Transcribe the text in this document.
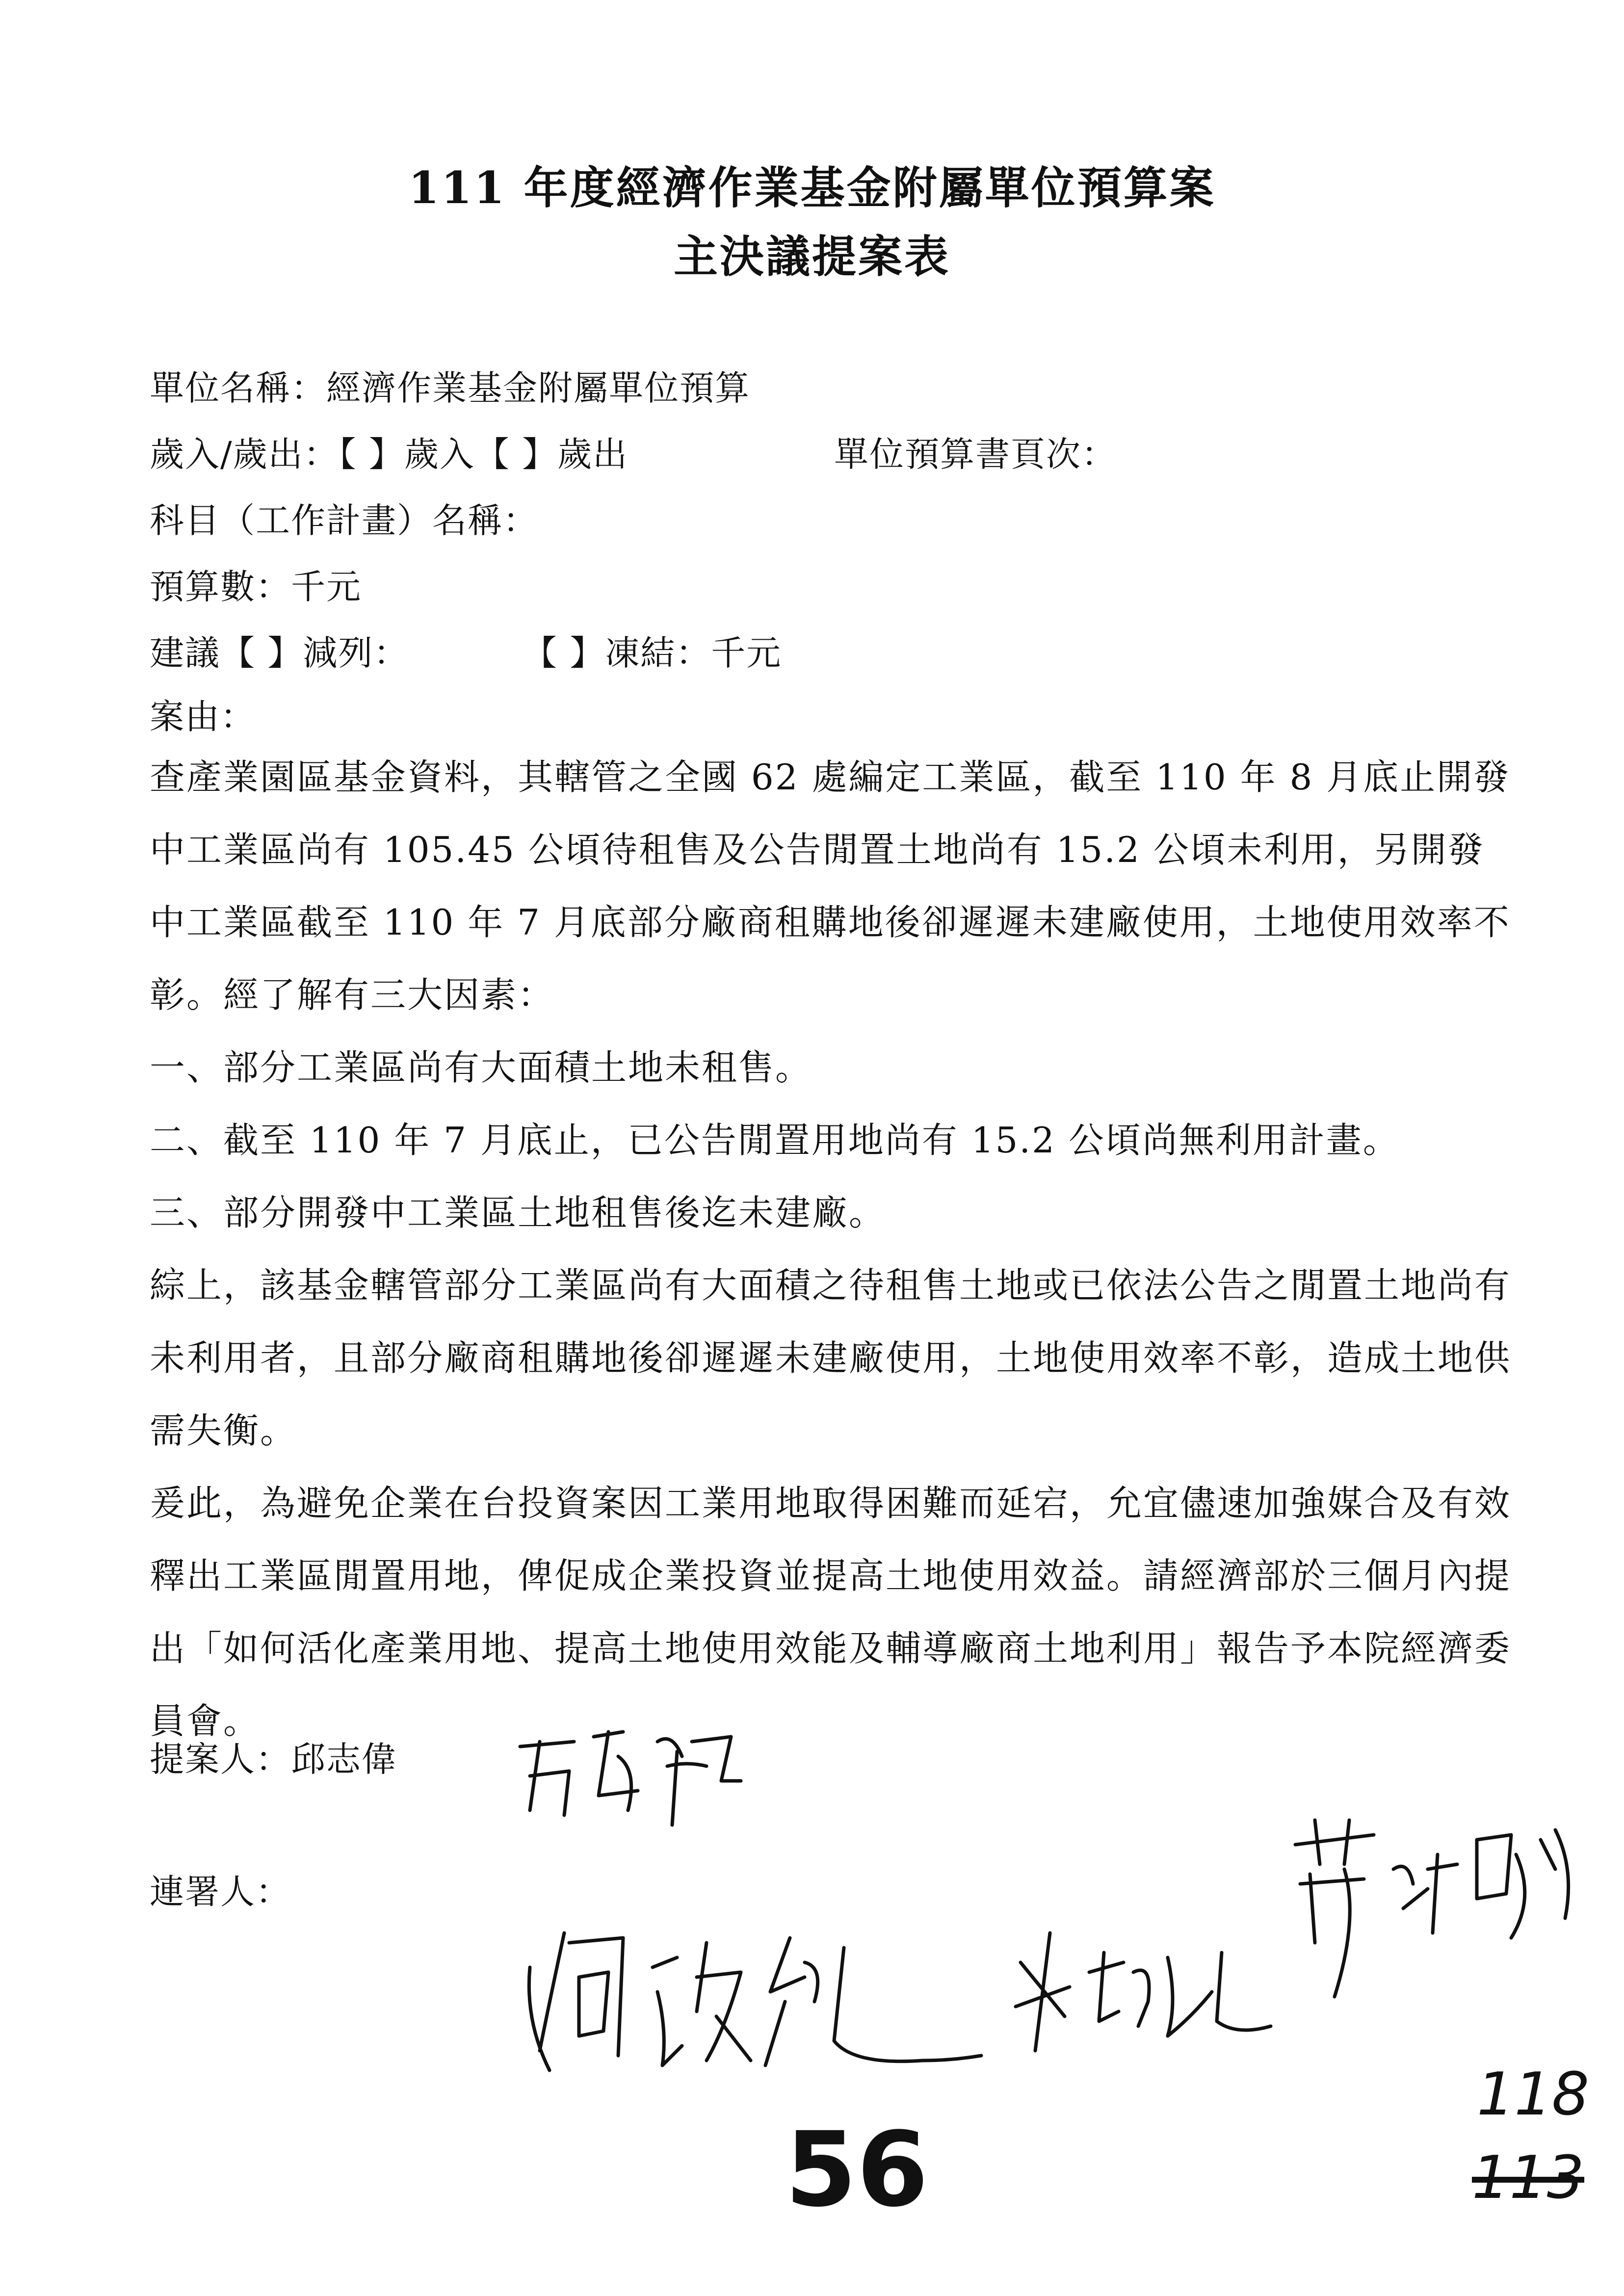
111 年度經濟作業基金附屬單位預算案
主決議提案表
單位名稱：經濟作業基金附屬單位預算
歲入/歲出：【 】歲入【 】歲出	單位預算書頁次：
科目（工作計畫）名稱：
預算數：千元
建議【 】減列：	【 】凍結：千元
案由：

查產業園區基金資料，其轄管之全國 62 處編定工業區，截至 110 年 8 月底止開發中工業區尚有 105.45 公頃待租售及公告閒置土地尚有 15.2 公頃未利用，另開發中工業區截至 110 年 7 月底部分廠商租購地後卻遲遲未建廠使用，土地使用效率不彰。經了解有三大因素：

一、部分工業區尚有大面積土地未租售。

二、截至 110 年 7 月底止，已公告閒置用地尚有 15.2 公頃尚無利用計畫。

三、部分開發中工業區土地租售後迄未建廠。

綜上，該基金轄管部分工業區尚有大面積之待租售土地或已依法公告之閒置土地尚有未利用者，且部分廠商租購地後卻遲遲未建廠使用，土地使用效率不彰，造成土地供需失衡。

爰此，為避免企業在台投資案因工業用地取得困難而延宕，允宜儘速加強媒合及有效釋出工業區閒置用地，俾促成企業投資並提高土地使用效益。請經濟部於三個月內提出「如何活化產業用地、提高土地使用效能及輔導廠商土地利用」報告予本院經濟委員會。

提案人：邱志偉
連署人：
56
118
113
